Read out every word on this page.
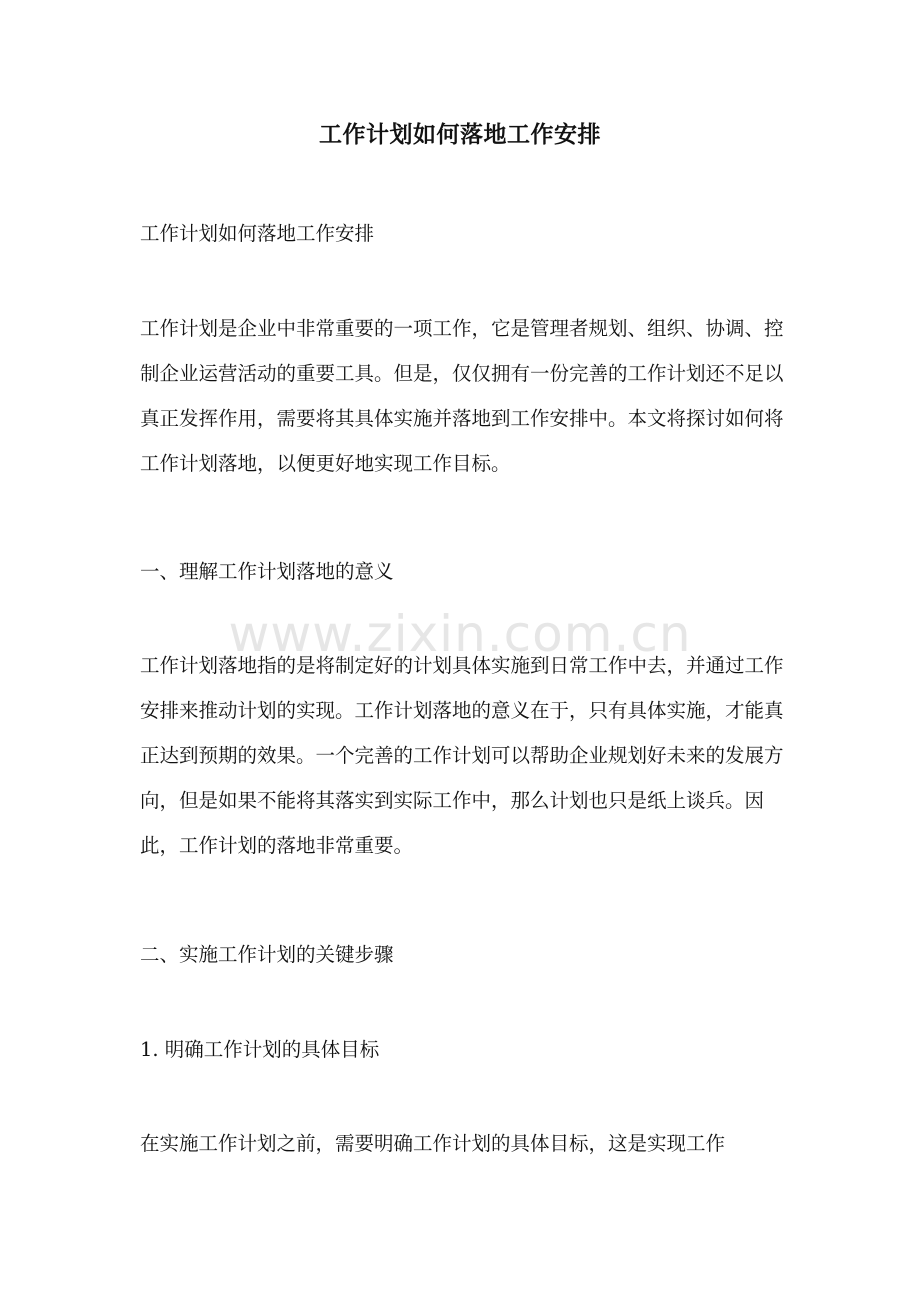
工作计划如何落地工作安排

工作计划如何落地工作安排

工作计划是企业中非常重要的一项工作，它是管理者规划、组织、协调、控制企业运营活动的重要工具。但是，仅仅拥有一份完善的工作计划还不足以真正发挥作用，需要将其具体实施并落地到工作安排中。本文将探讨如何将工作计划落地，以便更好地实现工作目标。

一、理解工作计划落地的意义

工作计划落地指的是将制定好的计划具体实施到日常工作中去，并通过工作安排来推动计划的实现。工作计划落地的意义在于，只有具体实施，才能真正达到预期的效果。一个完善的工作计划可以帮助企业规划好未来的发展方向，但是如果不能将其落实到实际工作中，那么计划也只是纸上谈兵。因此，工作计划的落地非常重要。

二、实施工作计划的关键步骤

1. 明确工作计划的具体目标

在实施工作计划之前，需要明确工作计划的具体目标，这是实现工作

www.zixin.com.cn
